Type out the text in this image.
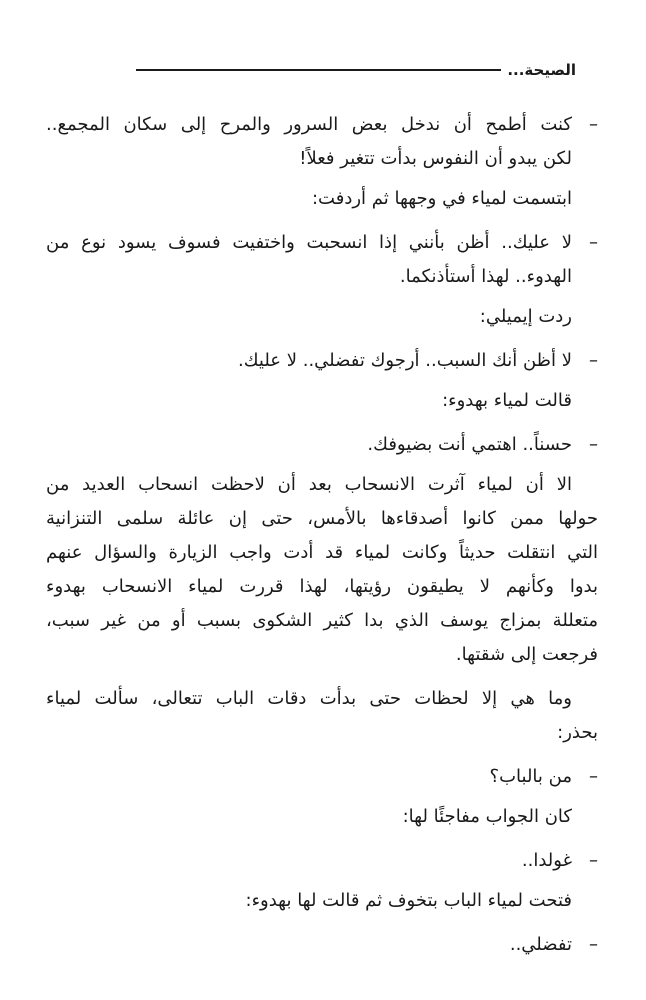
الصيحة...

– كنت أطمح أن ندخل بعض السرور والمرح إلى سكان المجمع..
لكن يبدو أن النفوس بدأت تتغير فعلاً!

ابتسمت لمياء في وجهها ثم أردفت:

– لا عليك.. أظن بأنني إذا انسحبت واختفيت فسوف يسود نوع من
الهدوء.. لهذا أستأذنكما.

ردت إيميلي:

– لا أظن أنك السبب.. أرجوك تفضلي.. لا عليك.

قالت لمياء بهدوء:

– حسناً.. اهتمي أنت بضيوفك.

الا أن لمياء آثرت الانسحاب بعد أن لاحظت انسحاب العديد من
حولها ممن كانوا أصدقاءها بالأمس، حتى إن عائلة سلمى التنزانية
التي انتقلت حديثاً وكانت لمياء قد أدت واجب الزيارة والسؤال عنهم
بدوا وكأنهم لا يطيقون رؤيتها، لهذا قررت لمياء الانسحاب بهدوء
متعللة بمزاج يوسف الذي بدا كثير الشكوى بسبب أو من غير سبب،
فرجعت إلى شقتها.

وما هي إلا لحظات حتى بدأت دقات الباب تتعالى، سألت لمياء
بحذر:

– من بالباب؟

كان الجواب مفاجئًا لها:

– غولدا..

فتحت لمياء الباب بتخوف ثم قالت لها بهدوء:

– تفضلي..
